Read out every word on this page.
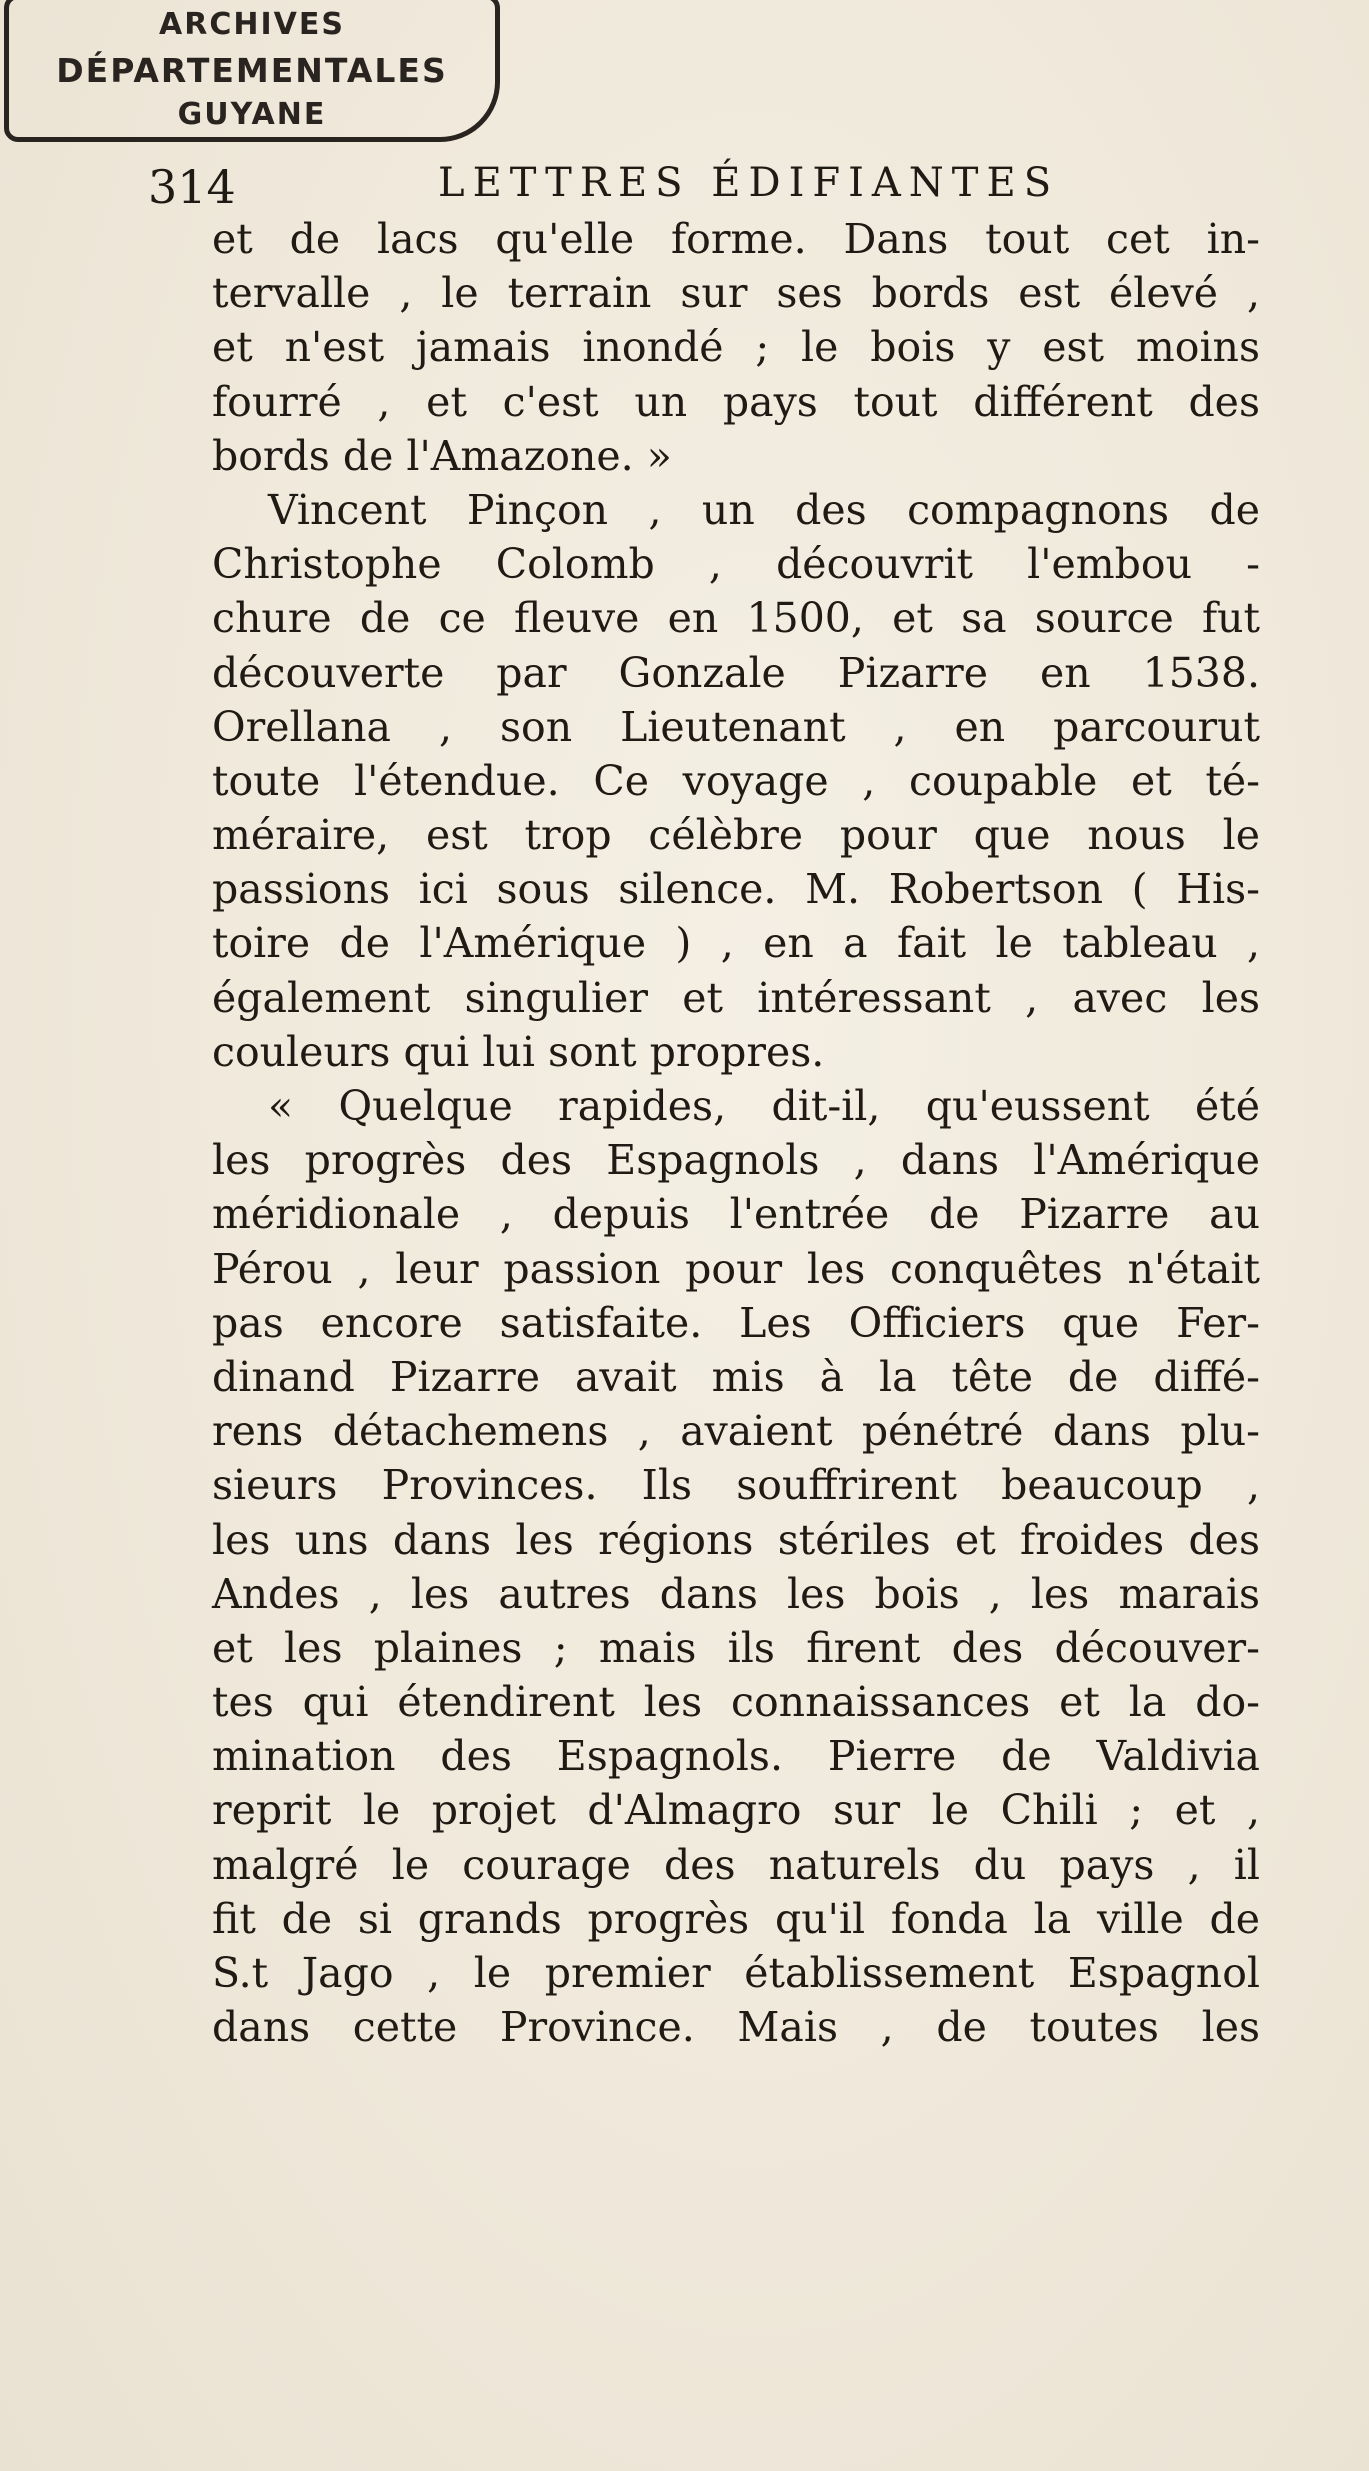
ARCHIVES
DÉPARTEMENTALES
GUYANE
314	LETTRES ÉDIFIANTES
et de lacs qu'elle forme. Dans tout cet in-
tervalle , le terrain sur ses bords est élevé ,
et n'est jamais inondé ; le bois y est moins
fourré , et c'est un pays tout différent des
bords de l'Amazone. »
Vincent Pinçon , un des compagnons de
Christophe Colomb , découvrit l'embou -
chure de ce fleuve en 1500, et sa source fut
découverte par Gonzale Pizarre en 1538.
Orellana , son Lieutenant , en parcourut
toute l'étendue. Ce voyage , coupable et té-
méraire, est trop célèbre pour que nous le
passions ici sous silence. M. Robertson ( His-
toire de l'Amérique ) , en a fait le tableau ,
également singulier et intéressant , avec les
couleurs qui lui sont propres.
« Quelque rapides, dit-il, qu'eussent été
les progrès des Espagnols , dans l'Amérique
méridionale , depuis l'entrée de Pizarre au
Pérou , leur passion pour les conquêtes n'était
pas encore satisfaite. Les Officiers que Fer-
dinand Pizarre avait mis à la tête de diffé-
rens détachemens , avaient pénétré dans plu-
sieurs Provinces. Ils souffrirent beaucoup ,
les uns dans les régions stériles et froides des
Andes , les autres dans les bois , les marais
et les plaines ; mais ils firent des découver-
tes qui étendirent les connaissances et la do-
mination des Espagnols. Pierre de Valdivia
reprit le projet d'Almagro sur le Chili ; et ,
malgré le courage des naturels du pays , il
fit de si grands progrès qu'il fonda la ville de
S.t Jago , le premier établissement Espagnol
dans cette Province. Mais , de toutes les
